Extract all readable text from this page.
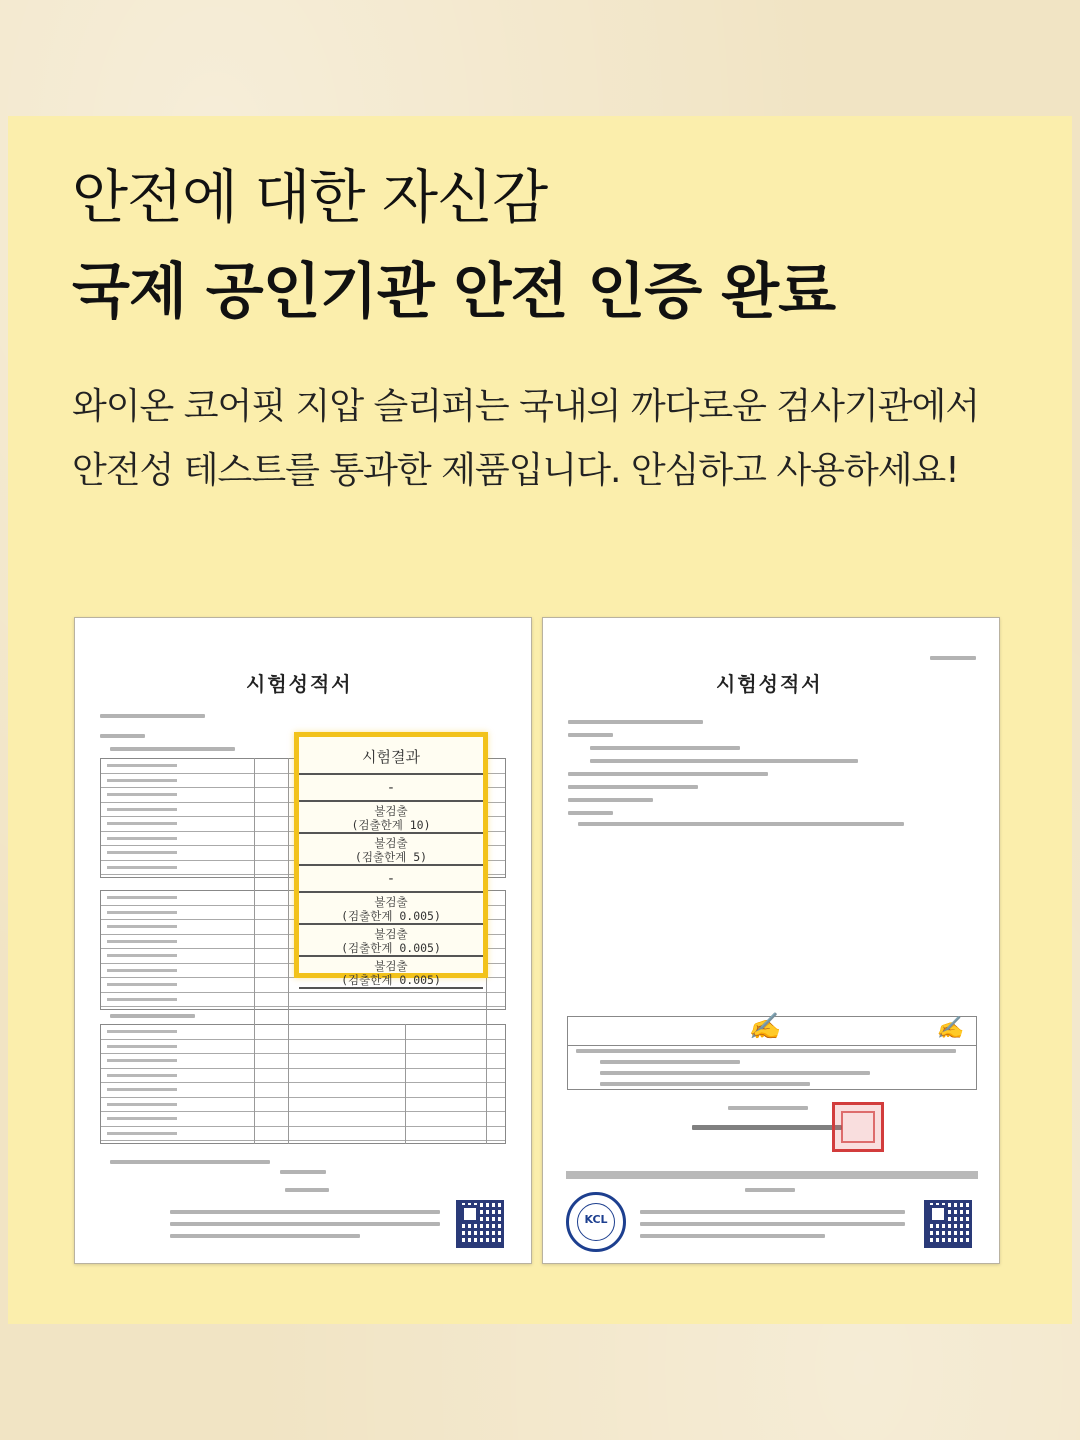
안전에 대한 자신감
국제 공인기관 안전 인증 완료
와이온 코어핏 지압 슬리퍼는 국내의 까다로운 검사기관에서
안전성 테스트를 통과한 제품입니다. 안심하고 사용하세요!
시험성적서
시험결과
-
불검출
(검출한계 10)
불검출
(검출한계 5)
-
불검출
(검출한계 0.005)
불검출
(검출한계 0.005)
불검출
(검출한계 0.005)
시험성적서
✍	✍
KCL
